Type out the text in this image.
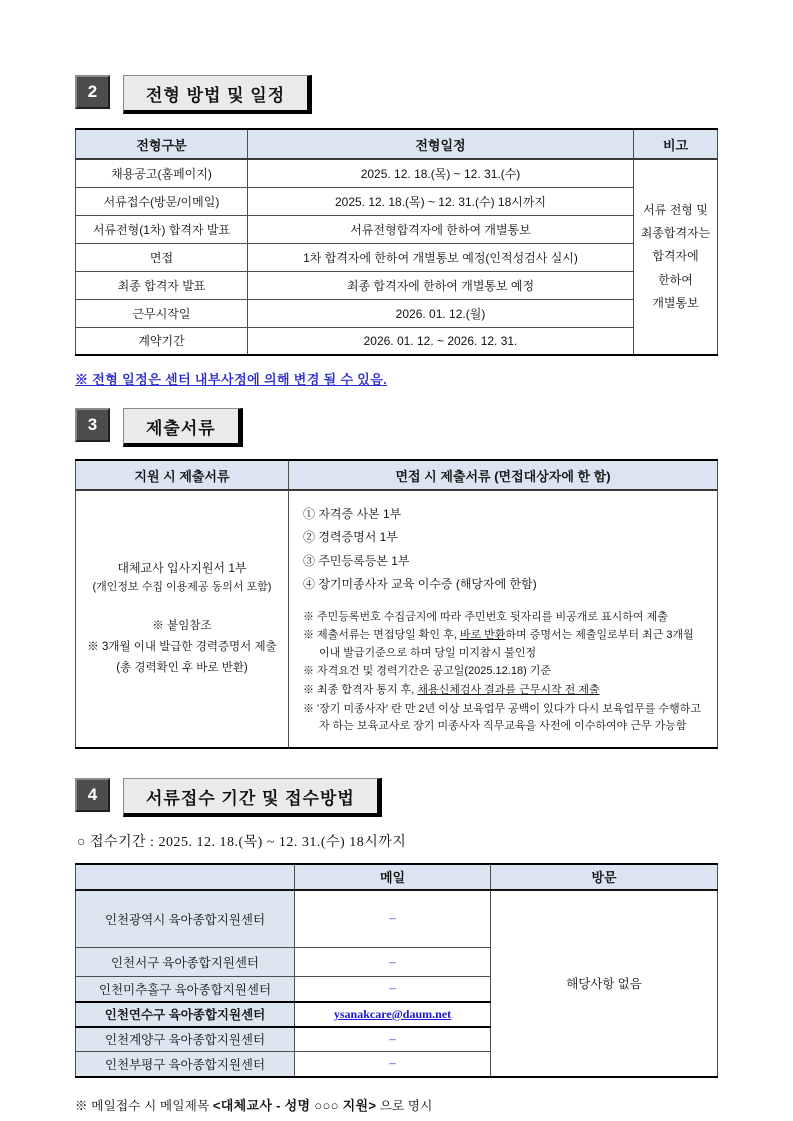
2	전형 방법 및 일정
전형구분	전형일정	비고
채용공고(홈페이지)	2025. 12. 18.(목) ~ 12. 31.(수)	서류 전형 및
최종합격자는
합격자에
한하여
개별통보

서류접수(방문/이메일)	2025. 12. 18.(목) ~ 12. 31.(수) 18시까지	
서류전형(1차) 합격자 발표	서류전형합격자에 한하여 개별통보	
면접	1차 합격자에 한하여 개별통보 예정(인적성검사 실시)	
최종 합격자 발표	최종 합격자에 한하여 개별통보 예정	
근무시작일	2026. 01. 12.(월)	
계약기간	2026. 01. 12. ~ 2026. 12. 31.	
※ 전형 일정은 센터 내부사정에 의해 변경 될 수 있음.
3	제출서류
지원 시 제출서류	면접 시 제출서류 (면접대상자에 한 함)

대체교사 입사지원서 1부
(개인정보 수집 이용제공 동의서 포함)
※ 붙임참조
※ 3개월 이내 발급한 경력증명서 제출
(총 경력확인 후 바로 반환)

① 자격증 사본 1부
② 경력증명서 1부
③ 주민등록등본 1부
④ 장기미종사자 교육 이수증 (해당자에 한함)
※ 주민등록번호 수집금지에 따라 주민번호 뒷자리를 비공개로 표시하여 제출
※ 제출서류는 면접당일 확인 후, 바로 반환하며 증명서는 제출일로부터 최근 3개월 이내 발급기준으로 하며 당일 미지참시 불인정
※ 자격요건 및 경력기간은 공고일(2025.12.18) 기준
※ 최종 합격자 통지 후, 채용신체검사 결과를 근무시작 전 제출
※ '장기 미종사자' 란 만 2년 이상 보육업무 공백이 있다가 다시 보육업무를 수행하고자 하는 보육교사로 장기 미종사자 직무교육을 사전에 이수하여야 근무 가능함
4	서류접수 기간 및 접수방법
○ 접수기간 : 2025. 12. 18.(목) ~ 12. 31.(수) 18시까지
	메일	방문
인천광역시 육아종합지원센터	–	해당사항 없음
인천서구 육아종합지원센터	–	
인천미추홀구 육아종합지원센터	–	
인천연수구 육아종합지원센터	ysanakcare@daum.net	
인천계양구 육아종합지원센터	–	
인천부평구 육아종합지원센터	–	
※ 메일접수 시 메일제목 <대체교사 - 성명 ○○○ 지원> 으로 명시
